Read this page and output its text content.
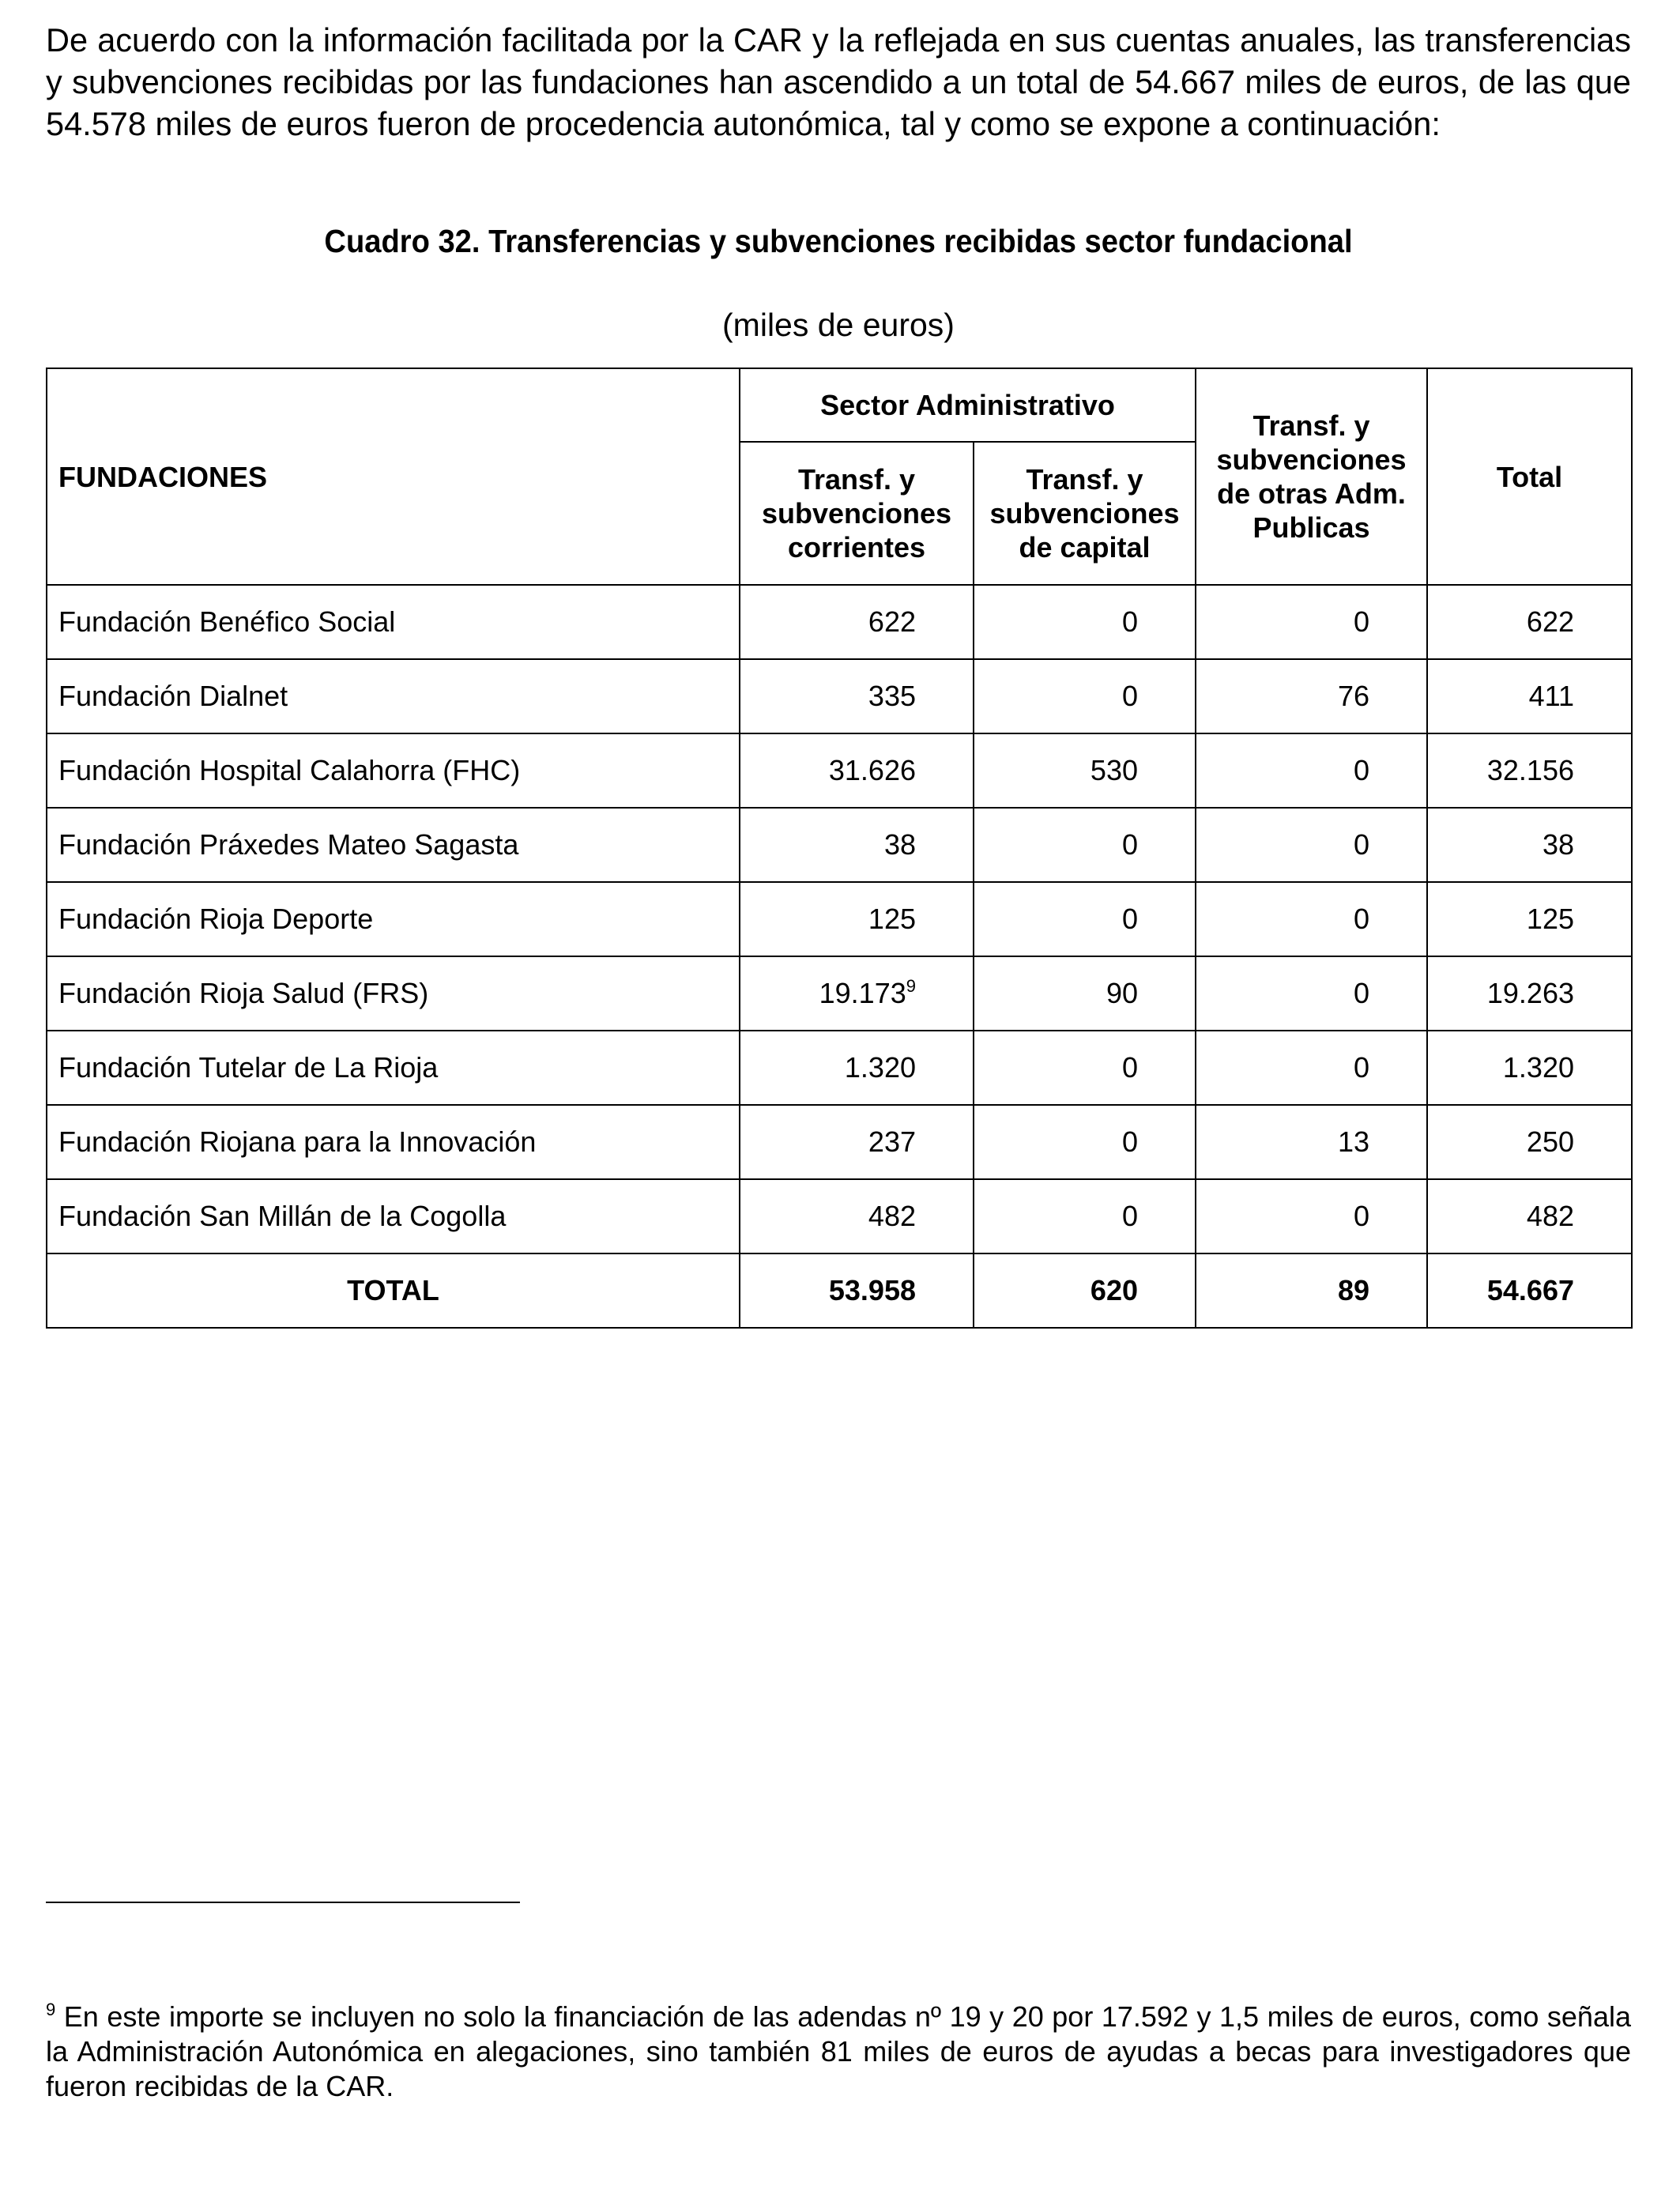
De acuerdo con la información facilitada por la CAR y la reflejada en sus cuentas anuales, las transferencias y subvenciones recibidas por las fundaciones han ascendido a un total de 54.667 miles de euros, de las que 54.578 miles de euros fueron de procedencia autonómica, tal y como se expone a continuación:

Cuadro 32. Transferencias y subvenciones recibidas sector fundacional

(miles de euros)

FUNDACIONES	Sector Administrativo		Transf. y subvenciones de otras Adm. Publicas	Total
	Transf. y subvenciones corrientes	Transf. y subvenciones de capital		
Fundación Benéfico Social	622	0	0	622
Fundación Dialnet	335	0	76	411
Fundación Hospital Calahorra (FHC)	31.626	530	0	32.156
Fundación Práxedes Mateo Sagasta	38	0	0	38
Fundación Rioja Deporte	125	0	0	125
Fundación Rioja Salud (FRS)	19.173$^9$	90	0	19.263
Fundación Tutelar de La Rioja	1.320	0	0	1.320
Fundación Riojana para la Innovación	237	0	13	250
Fundación San Millán de la Cogolla	482	0	0	482
TOTAL	53.958	620	89	54.667

$^9$ En este importe se incluyen no solo la financiación de las adendas nº 19 y 20 por 17.592 y 1,5 miles de euros, como señala la Administración Autonómica en alegaciones, sino también 81 miles de euros de ayudas a becas para investigadores que fueron recibidas de la CAR.
